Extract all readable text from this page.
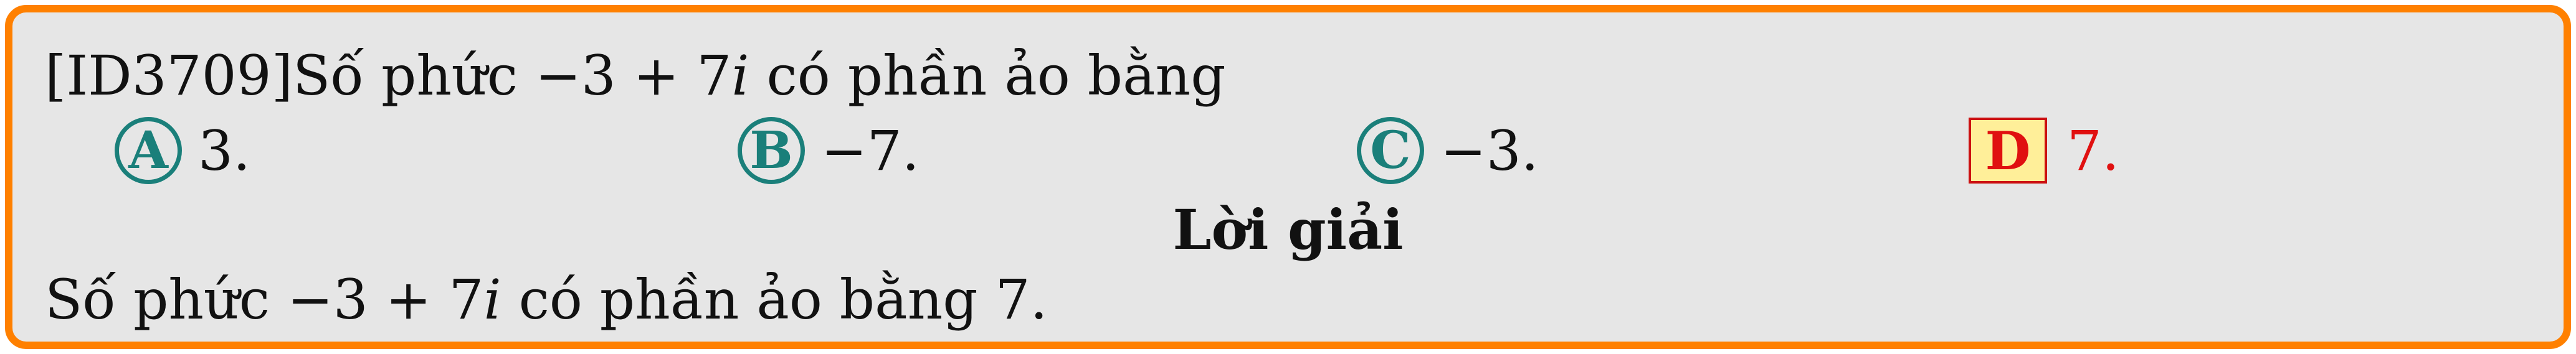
[ID3709]Số phức −3 + 7i có phần ảo bằng
A 3.	B −7.	C −3.	D 7.
Lời giải
Số phức −3 + 7i có phần ảo bằng 7.
